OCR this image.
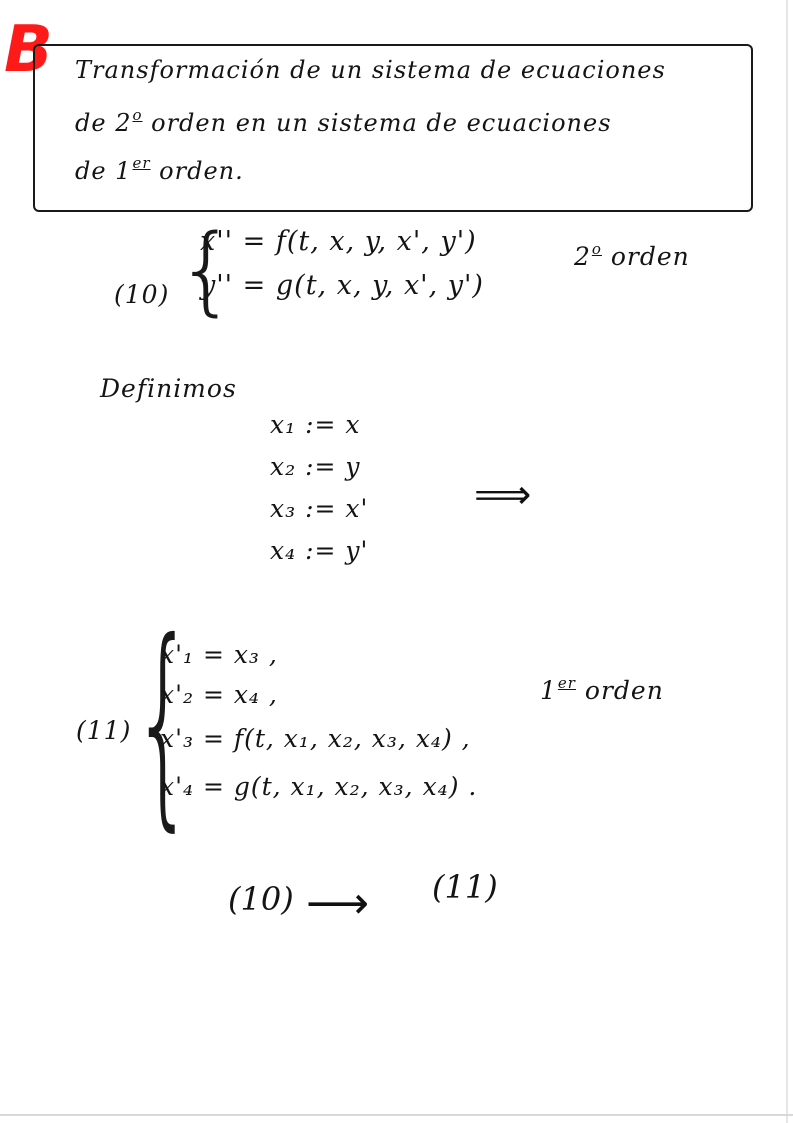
B Transformación de un sistema de ecuaciones
de 2$^o$ orden en un sistema de ecuaciones
de 1er orden.
(10) {
x'' = f(t, x, y, x', y')
y'' = g(t, x, y, x', y')
2$^o$ orden
Definimos
x₁ := x
x₂ := y
x₃ := x'
x₄ := y'
⟹
(11) {
x'₁ = x₃ ,
x'₂ = x₄ ,
x'₃ = f(t, x₁, x₂, x₃, x₄) ,
x'₄ = g(t, x₁, x₂, x₃, x₄) .
1er orden
(10) ⟶ (11)
